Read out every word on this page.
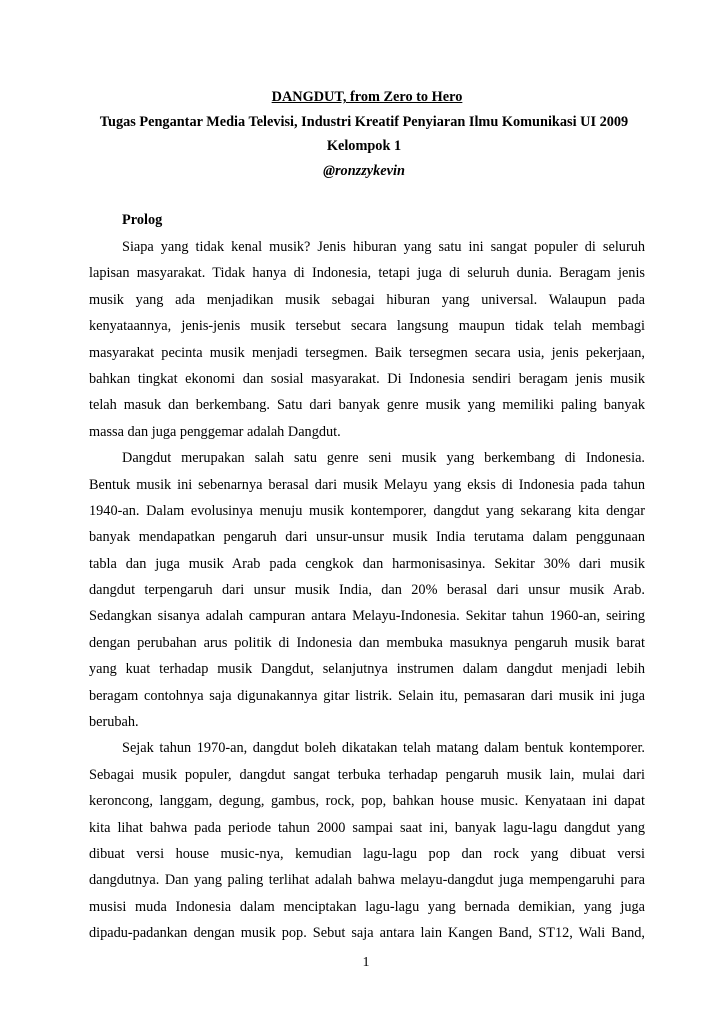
DANGDUT, from Zero to Hero
Tugas Pengantar Media Televisi, Industri Kreatif Penyiaran Ilmu Komunikasi UI 2009
Kelompok 1
@ronzzykevin
Prolog
Siapa yang tidak kenal musik? Jenis hiburan yang satu ini sangat populer di seluruh
lapisan masyarakat. Tidak hanya di Indonesia, tetapi juga di seluruh dunia. Beragam jenis
musik yang ada menjadikan musik sebagai hiburan yang universal. Walaupun pada
kenyataannya, jenis-jenis musik tersebut secara langsung maupun tidak telah membagi
masyarakat pecinta musik menjadi tersegmen. Baik tersegmen secara usia, jenis pekerjaan,
bahkan tingkat ekonomi dan sosial masyarakat. Di Indonesia sendiri beragam jenis musik
telah masuk dan berkembang. Satu dari banyak genre musik yang memiliki paling banyak
massa dan juga penggemar adalah Dangdut.
Dangdut merupakan salah satu genre seni musik yang berkembang di Indonesia.
Bentuk musik ini sebenarnya berasal dari musik Melayu yang eksis di Indonesia pada tahun
1940-an. Dalam evolusinya menuju musik kontemporer, dangdut yang sekarang kita dengar
banyak mendapatkan pengaruh dari unsur-unsur musik India terutama dalam penggunaan
tabla dan juga musik Arab pada cengkok dan harmonisasinya. Sekitar 30% dari musik
dangdut terpengaruh dari unsur musik India, dan 20% berasal dari unsur musik Arab.
Sedangkan sisanya adalah campuran antara Melayu-Indonesia. Sekitar tahun 1960-an, seiring
dengan perubahan arus politik di Indonesia dan membuka masuknya pengaruh musik barat
yang kuat terhadap musik Dangdut, selanjutnya instrumen dalam dangdut menjadi lebih
beragam contohnya saja digunakannya gitar listrik. Selain itu, pemasaran dari musik ini juga
berubah.
Sejak tahun 1970-an, dangdut boleh dikatakan telah matang dalam bentuk kontemporer.
Sebagai musik populer, dangdut sangat terbuka terhadap pengaruh musik lain, mulai dari
keroncong, langgam, degung, gambus, rock, pop, bahkan house music. Kenyataan ini dapat
kita lihat bahwa pada periode tahun 2000 sampai saat ini, banyak lagu-lagu dangdut yang
dibuat versi house music-nya, kemudian lagu-lagu pop dan rock yang dibuat versi
dangdutnya. Dan yang paling terlihat adalah bahwa melayu-dangdut juga mempengaruhi para
musisi muda Indonesia dalam menciptakan lagu-lagu yang bernada demikian, yang juga
dipadu-padankan dengan musik pop. Sebut saja antara lain Kangen Band, ST12, Wali Band,
1
